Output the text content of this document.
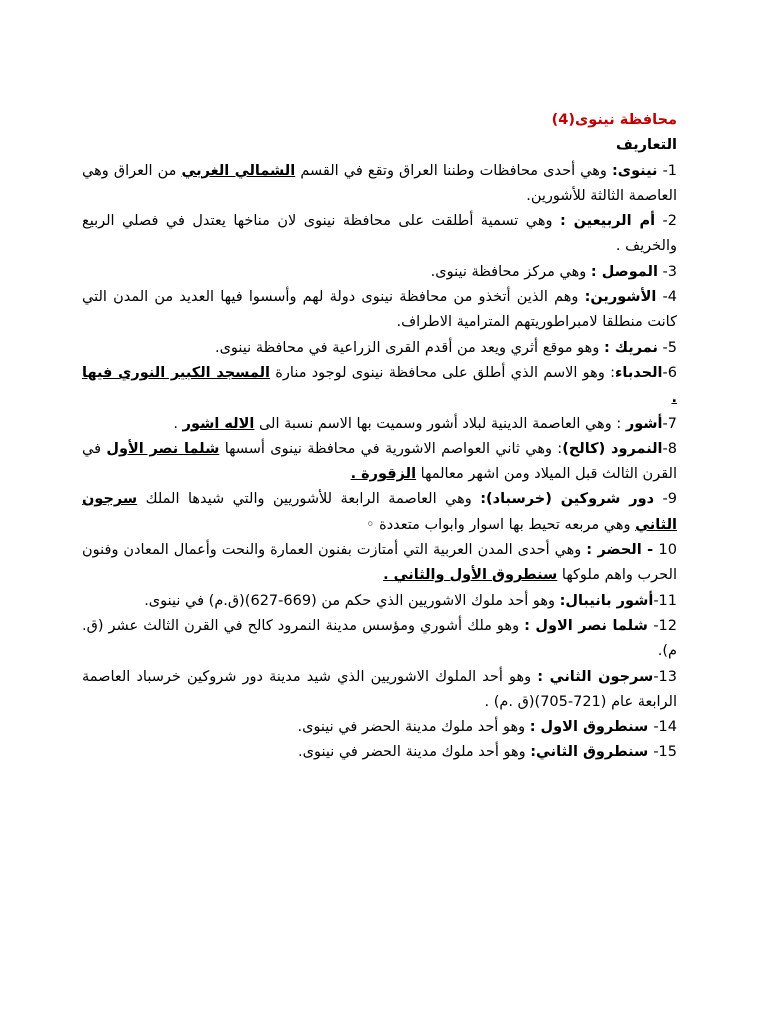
محافظة نينوى(4)
التعاريف

1- نينوى: وهي أحدى محافظات وطننا العراق وتقع في القسم الشمالي الغربي من العراق وهي العاصمة الثالثة للأشورين.

2- أم الربيعين : وهي تسمية أطلقت على محافظة نينوى لان مناخها يعتدل في فصلي الربيع والخريف .

3- الموصل : وهي مركز محافظة نينوى.

4- الأشورين: وهم الذين أتخذو من محافظة نينوى دولة لهم وأسسوا فيها العديد من المدن التي كانت منطلقا لامبراطوريتهم المترامية الاطراف.

5- نمريك : وهو موقع أثري ويعد من أقدم القرى الزراعية في محافظة نينوى.

6-الحدباء: وهو الاسم الذي أطلق على محافظة نينوى لوجود منارة المسجد الكبير النوري فيها .

7-أشور : وهي العاصمة الدينية لبلاد أشور وسميت بها الاسم نسبة الى الاله اشور .

8-النمرود (كالح): وهي ثاني العواصم الاشورية في محافظة نينوى أسسها شلما نصر الأول في القرن الثالث قبل الميلاد ومن اشهر معالمها الزقورة .

9- دور شروكين (خرسباد): وهي العاصمة الرابعة للأشوريين والتي شيدها الملك سرجون الثاني وهي مربعه تحيط بها اسوار وابواب متعددة ◦

10 - الحضر : وهي أحدى المدن العربية التي أمتازت بفنون العمارة والنحت وأعمال المعادن وفنون الحرب واهم ملوكها سنطروق الأول والثاني .

11-أشور بانيبال: وهو أحد ملوك الاشوريين الذي حكم من (669-627)(ق.م) في نينوى.

12- شلما نصر الاول : وهو ملك أشوري ومؤسس مدينة النمرود كالح في القرن الثالث عشر (ق. م).

13-سرجون الثاني : وهو أحد الملوك الاشوريين الذي شيد مدينة دور شروكين خرسباد العاصمة الرابعة عام (721-705)(ق .م) .

14- سنطروق الاول : وهو أحد ملوك مدينة الحضر في نينوى.

15- سنطروق الثاني: وهو أحد ملوك مدينة الحضر في نينوى.
